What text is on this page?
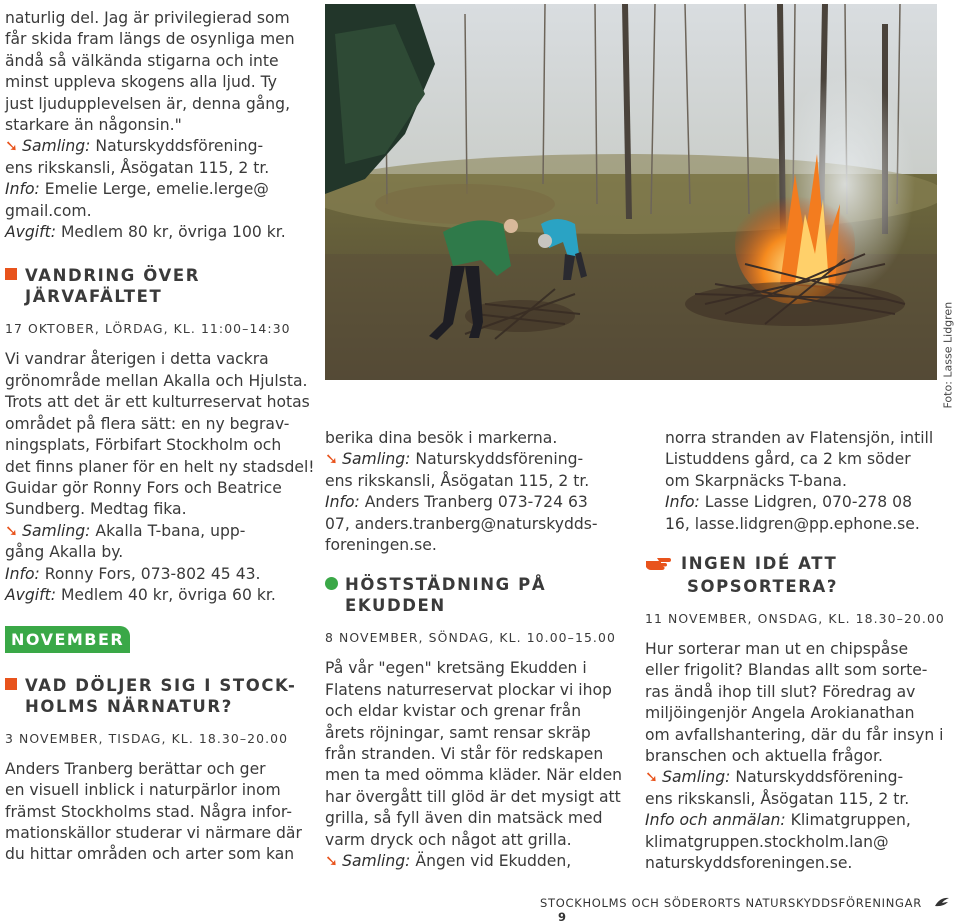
naturlig del. Jag är privilegierad som
får skida fram längs de osynliga men
ändå så välkända stigarna och inte
minst uppleva skogens alla ljud. Ty
just ljudupplevelsen är, denna gång,
starkare än någonsin."

➘ Samling: Naturskyddsförening-
ens rikskansli, Åsögatan 115, 2 tr.

Info: Emelie Lerge, emelie.lerge@
gmail.com.

Avgift: Medlem 80 kr, övriga 100 kr.

VANDRING ÖVER
JÄRVAFÄLTET

17 OKTOBER, LÖRDAG, KL. 11:00–14:30

Vi vandrar återigen i detta vackra
grönområde mellan Akalla och Hjulsta.
Trots att det är ett kulturreservat hotas
området på flera sätt: en ny begrav-
ningsplats, Förbifart Stockholm och
det finns planer för en helt ny stadsdel!
Guidar gör Ronny Fors och Beatrice
Sundberg. Medtag fika.

➘ Samling: Akalla T-bana, upp-
gång Akalla by.

Info: Ronny Fors, 073-802 45 43.

Avgift: Medlem 40 kr, övriga 60 kr.

NOVEMBER

VAD DÖLJER SIG I STOCK-
HOLMS NÄRNATUR?

3 NOVEMBER, TISDAG, KL. 18.30–20.00

Anders Tranberg berättar och ger
en visuell inblick i naturpärlor inom
främst Stockholms stad. Några infor-
mationskällor studerar vi närmare där
du hittar områden och arter som kan

Foto: Lasse Lidgren

berika dina besök i markerna.

➘ Samling: Naturskyddsförening-
ens rikskansli, Åsögatan 115, 2 tr.

Info: Anders Tranberg 073-724 63
07, anders.tranberg@naturskydds-
foreningen.se.

HÖSTSTÄDNING PÅ
EKUDDEN

8 NOVEMBER, SÖNDAG, KL. 10.00–15.00

På vår "egen" kretsäng Ekudden i
Flatens naturreservat plockar vi ihop
och eldar kvistar och grenar från
årets röjningar, samt rensar skräp
från stranden. Vi står för redskapen
men ta med oömma kläder. När elden
har övergått till glöd är det mysigt att
grilla, så fyll även din matsäck med
varm dryck och något att grilla.

➘ Samling: Ängen vid Ekudden,

norra stranden av Flatensjön, intill
Listuddens gård, ca 2 km söder
om Skarpnäcks T-bana.
Info: Lasse Lidgren, 070-278 08
16, lasse.lidgren@pp.ephone.se.

INGEN IDÉ ATT
SOPSORTERA?

11 NOVEMBER, ONSDAG, KL. 18.30–20.00

Hur sorterar man ut en chipspåse
eller frigolit? Blandas allt som sorte-
ras ändå ihop till slut? Föredrag av
miljöingenjör Angela Arokianathan
om avfallshantering, där du får insyn i
branschen och aktuella frågor.

➘ Samling: Naturskyddsförening-
ens rikskansli, Åsögatan 115, 2 tr.

Info och anmälan: Klimatgruppen,
klimatgruppen.stockholm.lan@
naturskyddsforeningen.se.

STOCKHOLMS OCH SÖDERORTS NATURSKYDDSFÖRENINGAR  9
